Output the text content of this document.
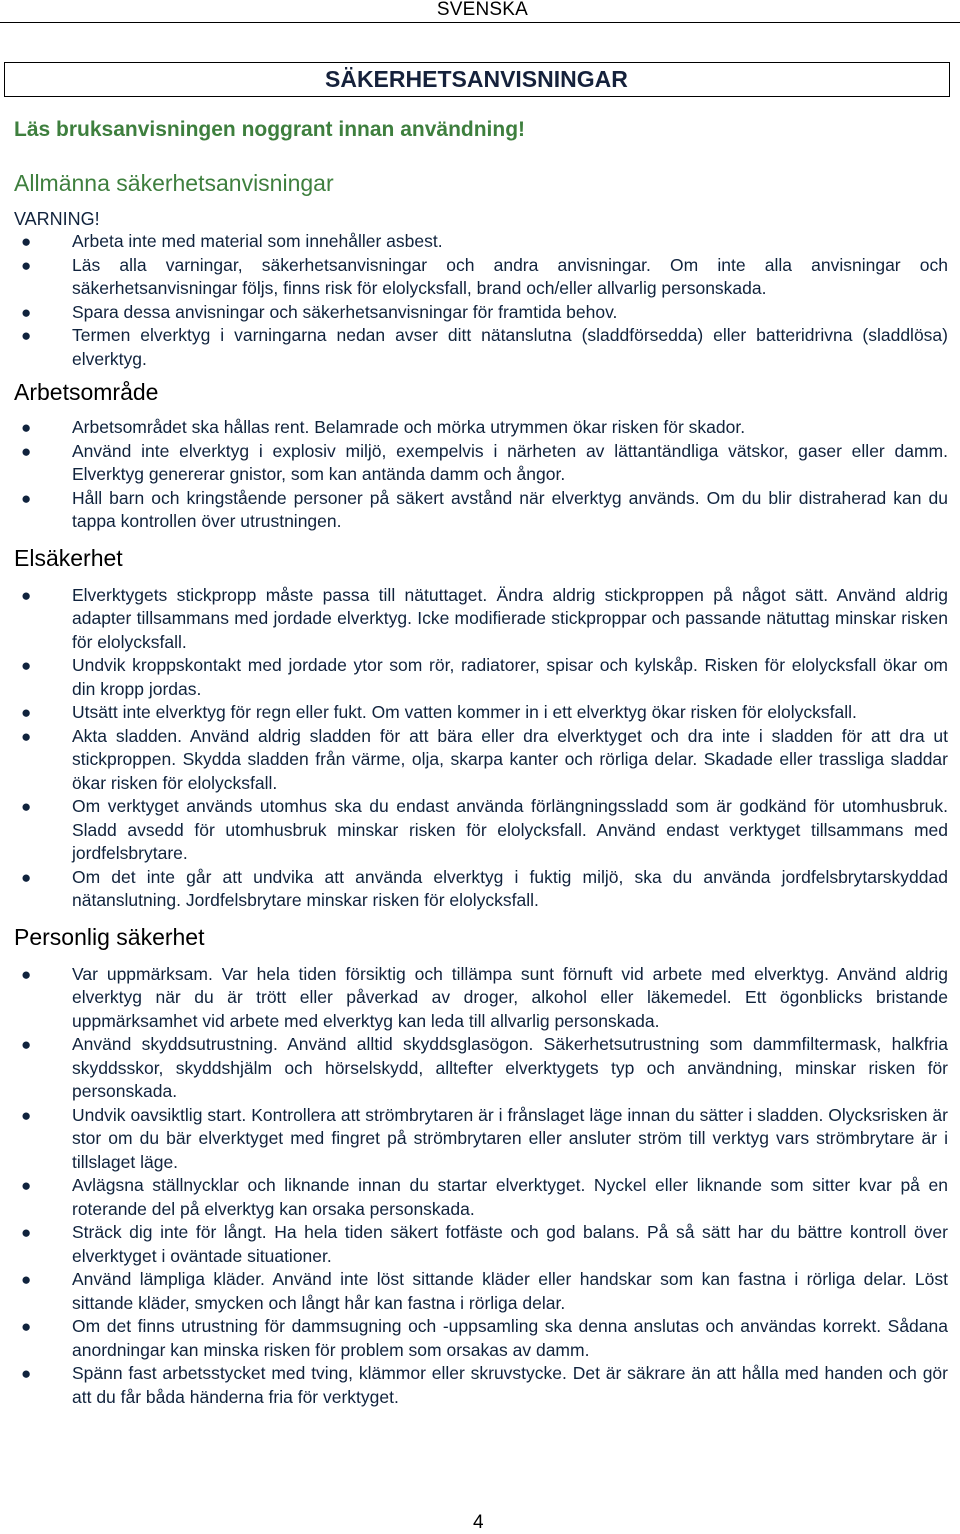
SVENSKA
SÄKERHETSANVISNINGAR

Läs bruksanvisningen noggrant innan användning!

Allmänna säkerhetsanvisningar

VARNING!

● Arbeta inte med material som innehåller asbest.
● Läs alla varningar, säkerhetsanvisningar och andra anvisningar. Om inte alla anvisningar och säkerhetsanvisningar följs, finns risk för elolycksfall, brand och/eller allvarlig personskada.
● Spara dessa anvisningar och säkerhetsanvisningar för framtida behov.
● Termen elverktyg i varningarna nedan avser ditt nätanslutna (sladdförsedda) eller batteridrivna (sladdlösa) elverktyg.

Arbetsområde

● Arbetsområdet ska hållas rent. Belamrade och mörka utrymmen ökar risken för skador.
● Använd inte elverktyg i explosiv miljö, exempelvis i närheten av lättantändliga vätskor, gaser eller damm. Elverktyg genererar gnistor, som kan antända damm och ångor.
● Håll barn och kringstående personer på säkert avstånd när elverktyg används. Om du blir distraherad kan du tappa kontrollen över utrustningen.

Elsäkerhet

● Elverktygets stickpropp måste passa till nätuttaget. Ändra aldrig stickproppen på något sätt. Använd aldrig adapter tillsammans med jordade elverktyg. Icke modifierade stickproppar och passande nätuttag minskar risken för elolycksfall.
● Undvik kroppskontakt med jordade ytor som rör, radiatorer, spisar och kylskåp. Risken för elolycksfall ökar om din kropp jordas.
● Utsätt inte elverktyg för regn eller fukt. Om vatten kommer in i ett elverktyg ökar risken för elolycksfall.
● Akta sladden. Använd aldrig sladden för att bära eller dra elverktyget och dra inte i sladden för att dra ut stickproppen. Skydda sladden från värme, olja, skarpa kanter och rörliga delar. Skadade eller trassliga sladdar ökar risken för elolycksfall.
● Om verktyget används utomhus ska du endast använda förlängningssladd som är godkänd för utomhusbruk. Sladd avsedd för utomhusbruk minskar risken för elolycksfall. Använd endast verktyget tillsammans med jordfelsbrytare.
● Om det inte går att undvika att använda elverktyg i fuktig miljö, ska du använda jordfelsbrytarskyddad nätanslutning. Jordfelsbrytare minskar risken för elolycksfall.

Personlig säkerhet

● Var uppmärksam. Var hela tiden försiktig och tillämpa sunt förnuft vid arbete med elverktyg. Använd aldrig elverktyg när du är trött eller påverkad av droger, alkohol eller läkemedel. Ett ögonblicks bristande uppmärksamhet vid arbete med elverktyg kan leda till allvarlig personskada.
● Använd skyddsutrustning. Använd alltid skyddsglasögon. Säkerhetsutrustning som dammfiltermask, halkfria skyddsskor, skyddshjälm och hörselskydd, alltefter elverktygets typ och användning, minskar risken för personskada.
● Undvik oavsiktlig start. Kontrollera att strömbrytaren är i frånslaget läge innan du sätter i sladden. Olycksrisken är stor om du bär elverktyget med fingret på strömbrytaren eller ansluter ström till verktyg vars strömbrytare är i tillslaget läge.
● Avlägsna ställnycklar och liknande innan du startar elverktyget. Nyckel eller liknande som sitter kvar på en roterande del på elverktyg kan orsaka personskada.
● Sträck dig inte för långt. Ha hela tiden säkert fotfäste och god balans. På så sätt har du bättre kontroll över elverktyget i oväntade situationer.
● Använd lämpliga kläder. Använd inte löst sittande kläder eller handskar som kan fastna i rörliga delar. Löst sittande kläder, smycken och långt hår kan fastna i rörliga delar.
● Om det finns utrustning för dammsugning och -uppsamling ska denna anslutas och användas korrekt. Sådana anordningar kan minska risken för problem som orsakas av damm.
● Spänn fast arbetsstycket med tving, klämmor eller skruvstycke. Det är säkrare än att hålla med handen och gör att du får båda händerna fria för verktyget.
4
